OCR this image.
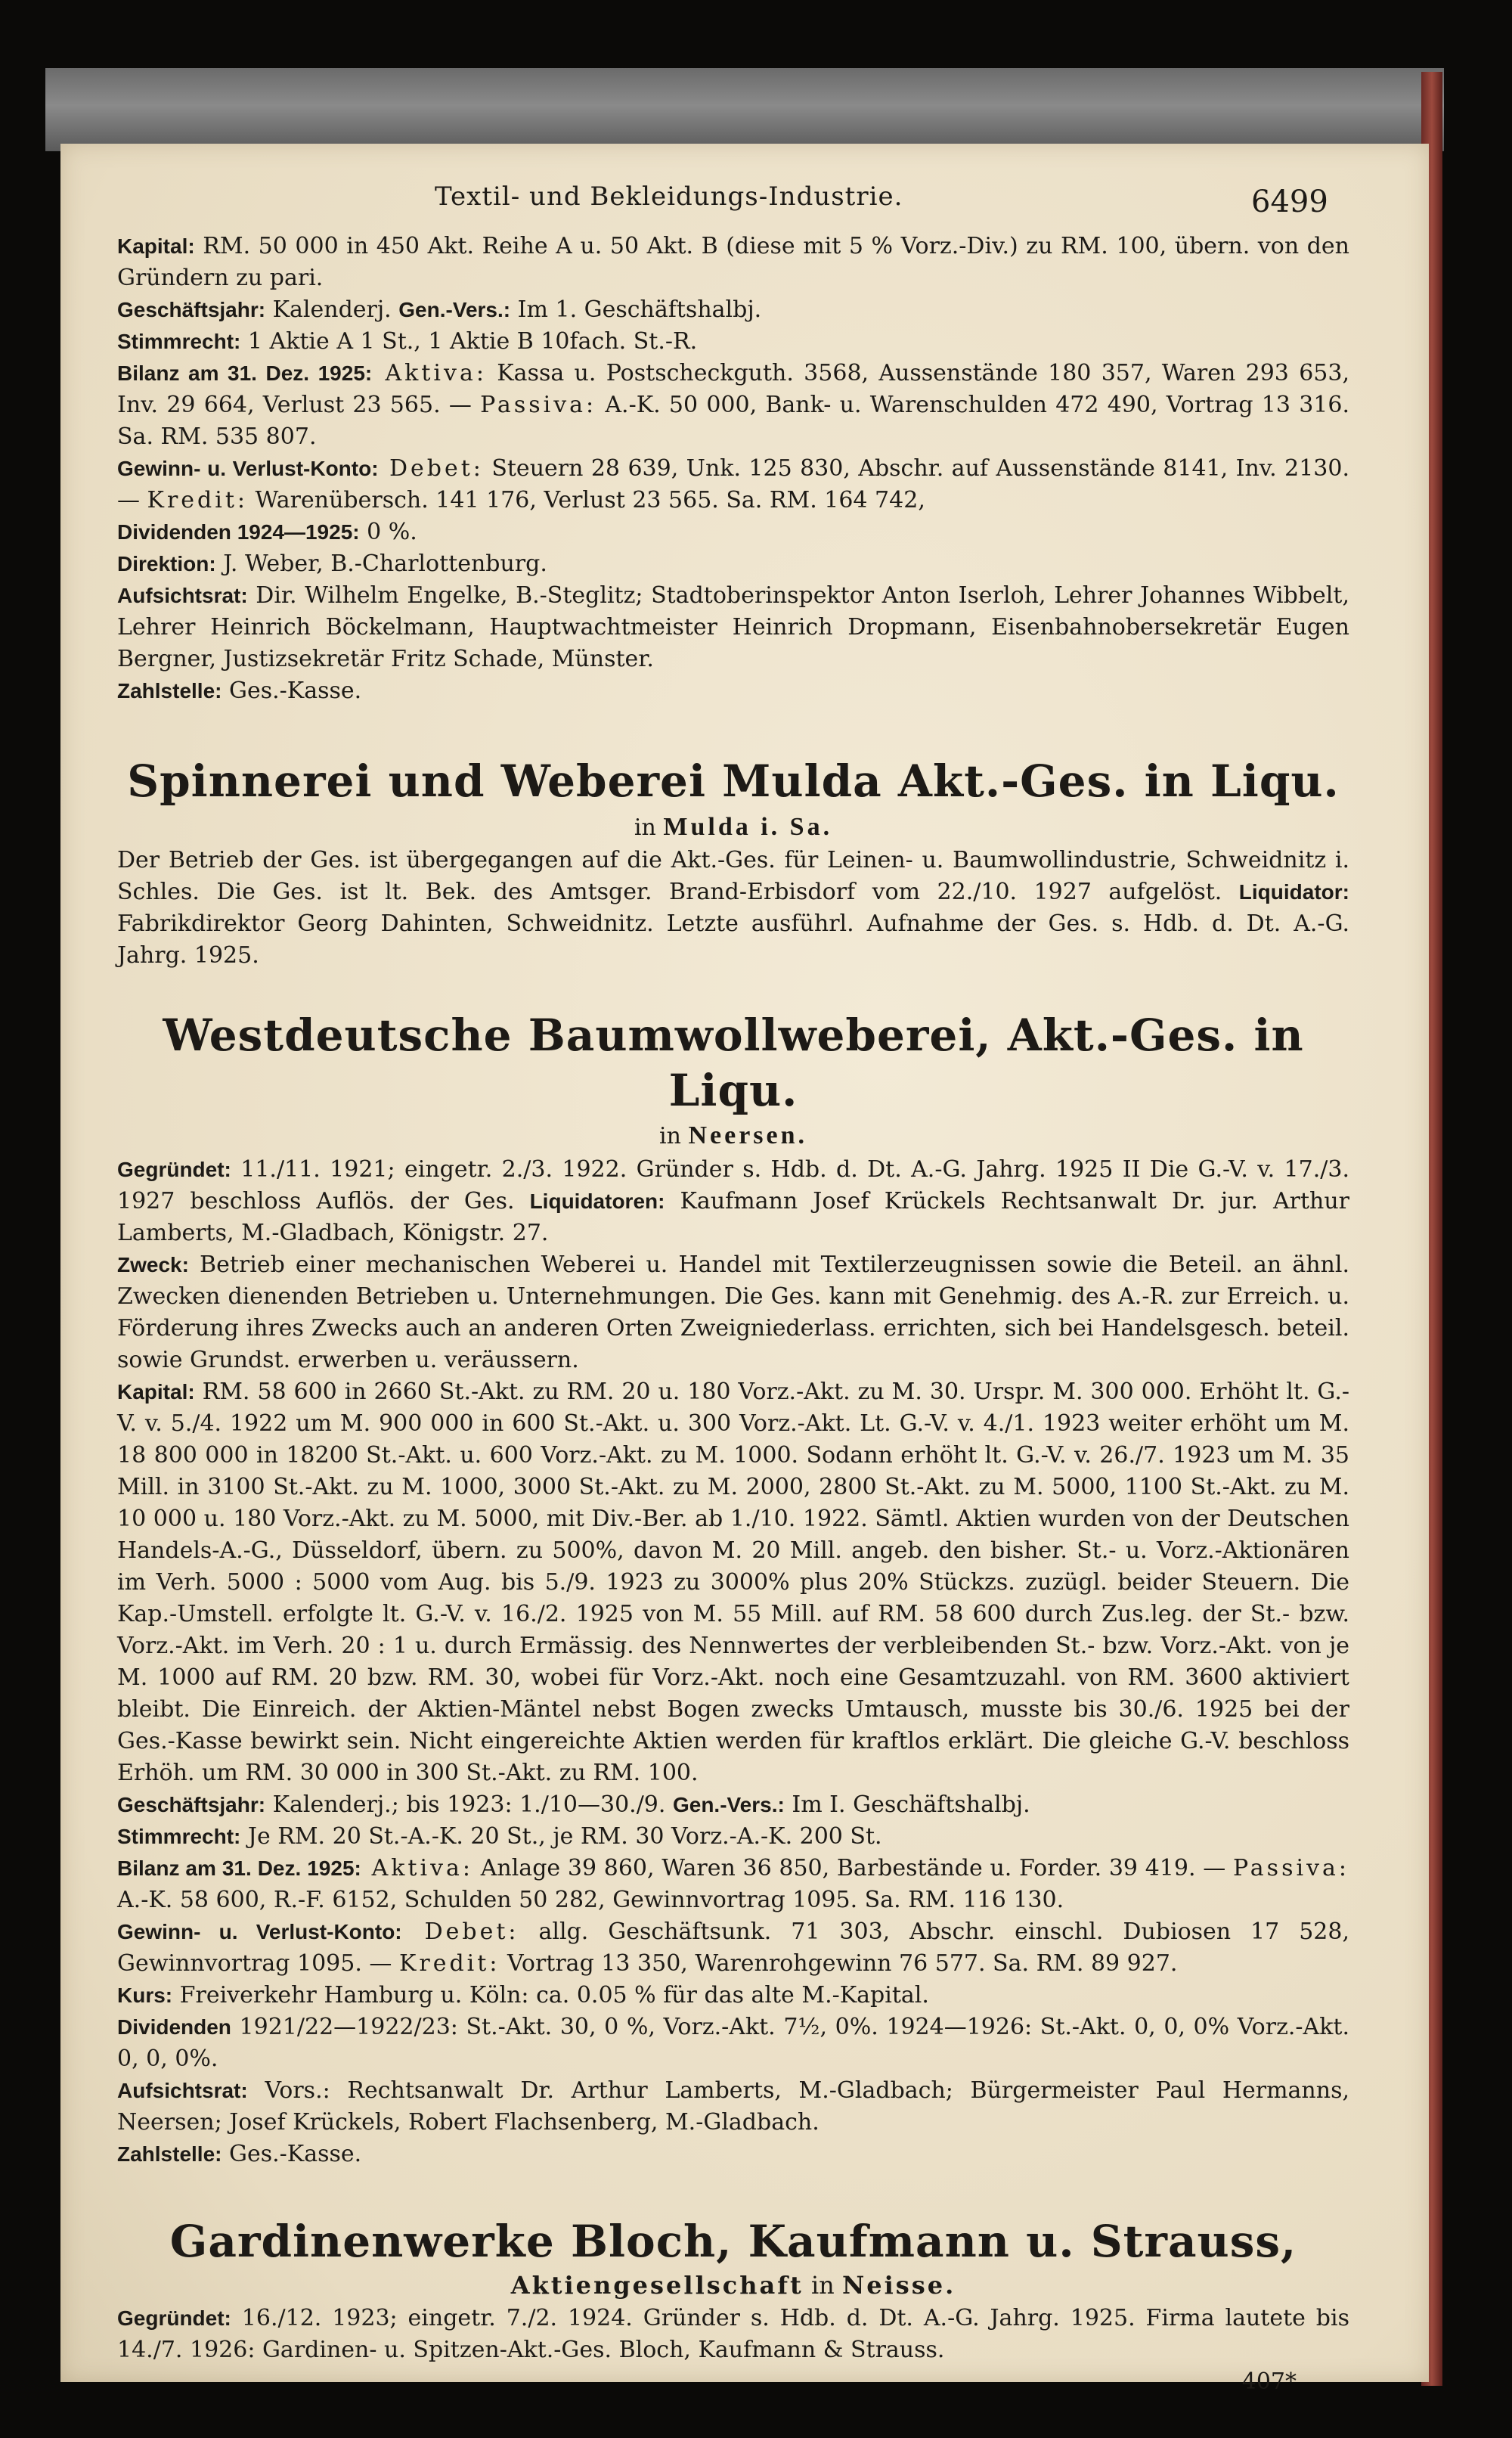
Textil- und Bekleidungs-Industrie.	6499

Kapital: RM. 50 000 in 450 Akt. Reihe A u. 50 Akt. B (diese mit 5 % Vorz.-Div.) zu RM. 100, übern. von den Gründern zu pari.

Geschäftsjahr: Kalenderj. Gen.-Vers.: Im 1. Geschäftshalbj.

Stimmrecht: 1 Aktie A 1 St., 1 Aktie B 10fach. St.-R.

Bilanz am 31. Dez. 1925: Aktiva: Kassa u. Postscheckguth. 3568, Aussenstände 180 357, Waren 293 653, Inv. 29 664, Verlust 23 565. — Passiva: A.-K. 50 000, Bank- u. Warenschulden 472 490, Vortrag 13 316. Sa. RM. 535 807.

Gewinn- u. Verlust-Konto: Debet: Steuern 28 639, Unk. 125 830, Abschr. auf Aussenstände 8141, Inv. 2130. — Kredit: Warenübersch. 141 176, Verlust 23 565. Sa. RM. 164 742,

Dividenden 1924—1925: 0 %.

Direktion: J. Weber, B.-Charlottenburg.

Aufsichtsrat: Dir. Wilhelm Engelke, B.-Steglitz; Stadtoberinspektor Anton Iserloh, Lehrer Johannes Wibbelt, Lehrer Heinrich Böckelmann, Hauptwachtmeister Heinrich Dropmann, Eisenbahnobersekretär Eugen Bergner, Justizsekretär Fritz Schade, Münster.

Zahlstelle: Ges.-Kasse.

Spinnerei und Weberei Mulda Akt.-Ges. in Liqu.

in Mulda i. Sa.

Der Betrieb der Ges. ist übergegangen auf die Akt.-Ges. für Leinen- u. Baumwollindustrie, Schweidnitz i. Schles. Die Ges. ist lt. Bek. des Amtsger. Brand-Erbisdorf vom 22./10. 1927 aufgelöst. Liquidator: Fabrikdirektor Georg Dahinten, Schweidnitz. Letzte ausführl. Aufnahme der Ges. s. Hdb. d. Dt. A.-G. Jahrg. 1925.

Westdeutsche Baumwollweberei, Akt.-Ges. in Liqu.

in Neersen.

Gegründet: 11./11. 1921; eingetr. 2./3. 1922. Gründer s. Hdb. d. Dt. A.-G. Jahrg. 1925 II Die G.-V. v. 17./3. 1927 beschloss Auflös. der Ges. Liquidatoren: Kaufmann Josef Krückels Rechtsanwalt Dr. jur. Arthur Lamberts, M.-Gladbach, Königstr. 27.

Zweck: Betrieb einer mechanischen Weberei u. Handel mit Textilerzeugnissen sowie die Beteil. an ähnl. Zwecken dienenden Betrieben u. Unternehmungen. Die Ges. kann mit Genehmig. des A.-R. zur Erreich. u. Förderung ihres Zwecks auch an anderen Orten Zweigniederlass. errichten, sich bei Handelsgesch. beteil. sowie Grundst. erwerben u. veräussern.

Kapital: RM. 58 600 in 2660 St.-Akt. zu RM. 20 u. 180 Vorz.-Akt. zu M. 30. Urspr. M. 300 000. Erhöht lt. G.-V. v. 5./4. 1922 um M. 900 000 in 600 St.-Akt. u. 300 Vorz.-Akt. Lt. G.-V. v. 4./1. 1923 weiter erhöht um M. 18 800 000 in 18200 St.-Akt. u. 600 Vorz.-Akt. zu M. 1000. Sodann erhöht lt. G.-V. v. 26./7. 1923 um M. 35 Mill. in 3100 St.-Akt. zu M. 1000, 3000 St.-Akt. zu M. 2000, 2800 St.-Akt. zu M. 5000, 1100 St.-Akt. zu M. 10 000 u. 180 Vorz.-Akt. zu M. 5000, mit Div.-Ber. ab 1./10. 1922. Sämtl. Aktien wurden von der Deutschen Handels-A.-G., Düsseldorf, übern. zu 500%, davon M. 20 Mill. angeb. den bisher. St.- u. Vorz.-Aktionären im Verh. 5000 : 5000 vom Aug. bis 5./9. 1923 zu 3000% plus 20% Stückzs. zuzügl. beider Steuern. Die Kap.-Umstell. erfolgte lt. G.-V. v. 16./2. 1925 von M. 55 Mill. auf RM. 58 600 durch Zus.leg. der St.- bzw. Vorz.-Akt. im Verh. 20 : 1 u. durch Ermässig. des Nennwertes der verbleibenden St.- bzw. Vorz.-Akt. von je M. 1000 auf RM. 20 bzw. RM. 30, wobei für Vorz.-Akt. noch eine Gesamtzuzahl. von RM. 3600 aktiviert bleibt. Die Einreich. der Aktien-Mäntel nebst Bogen zwecks Umtausch, musste bis 30./6. 1925 bei der Ges.-Kasse bewirkt sein. Nicht eingereichte Aktien werden für kraftlos erklärt. Die gleiche G.-V. beschloss Erhöh. um RM. 30 000 in 300 St.-Akt. zu RM. 100.

Geschäftsjahr: Kalenderj.; bis 1923: 1./10—30./9. Gen.-Vers.: Im I. Geschäftshalbj.

Stimmrecht: Je RM. 20 St.-A.-K. 20 St., je RM. 30 Vorz.-A.-K. 200 St.

Bilanz am 31. Dez. 1925: Aktiva: Anlage 39 860, Waren 36 850, Barbestände u. Forder. 39 419. — Passiva: A.-K. 58 600, R.-F. 6152, Schulden 50 282, Gewinnvortrag 1095. Sa. RM. 116 130.

Gewinn- u. Verlust-Konto: Debet: allg. Geschäftsunk. 71 303, Abschr. einschl. Dubiosen 17 528, Gewinnvortrag 1095. — Kredit: Vortrag 13 350, Warenrohgewinn 76 577. Sa. RM. 89 927.

Kurs: Freiverkehr Hamburg u. Köln: ca. 0.05 % für das alte M.-Kapital.

Dividenden 1921/22—1922/23: St.-Akt. 30, 0 %, Vorz.-Akt. 7½, 0%. 1924—1926: St.-Akt. 0, 0, 0% Vorz.-Akt. 0, 0, 0%.

Aufsichtsrat: Vors.: Rechtsanwalt Dr. Arthur Lamberts, M.-Gladbach; Bürgermeister Paul Hermanns, Neersen; Josef Krückels, Robert Flachsenberg, M.-Gladbach.

Zahlstelle: Ges.-Kasse.

Gardinenwerke Bloch, Kaufmann u. Strauss,

Aktiengesellschaft in Neisse.

Gegründet: 16./12. 1923; eingetr. 7./2. 1924. Gründer s. Hdb. d. Dt. A.-G. Jahrg. 1925. Firma lautete bis 14./7. 1926: Gardinen- u. Spitzen-Akt.-Ges. Bloch, Kaufmann & Strauss.

407*
